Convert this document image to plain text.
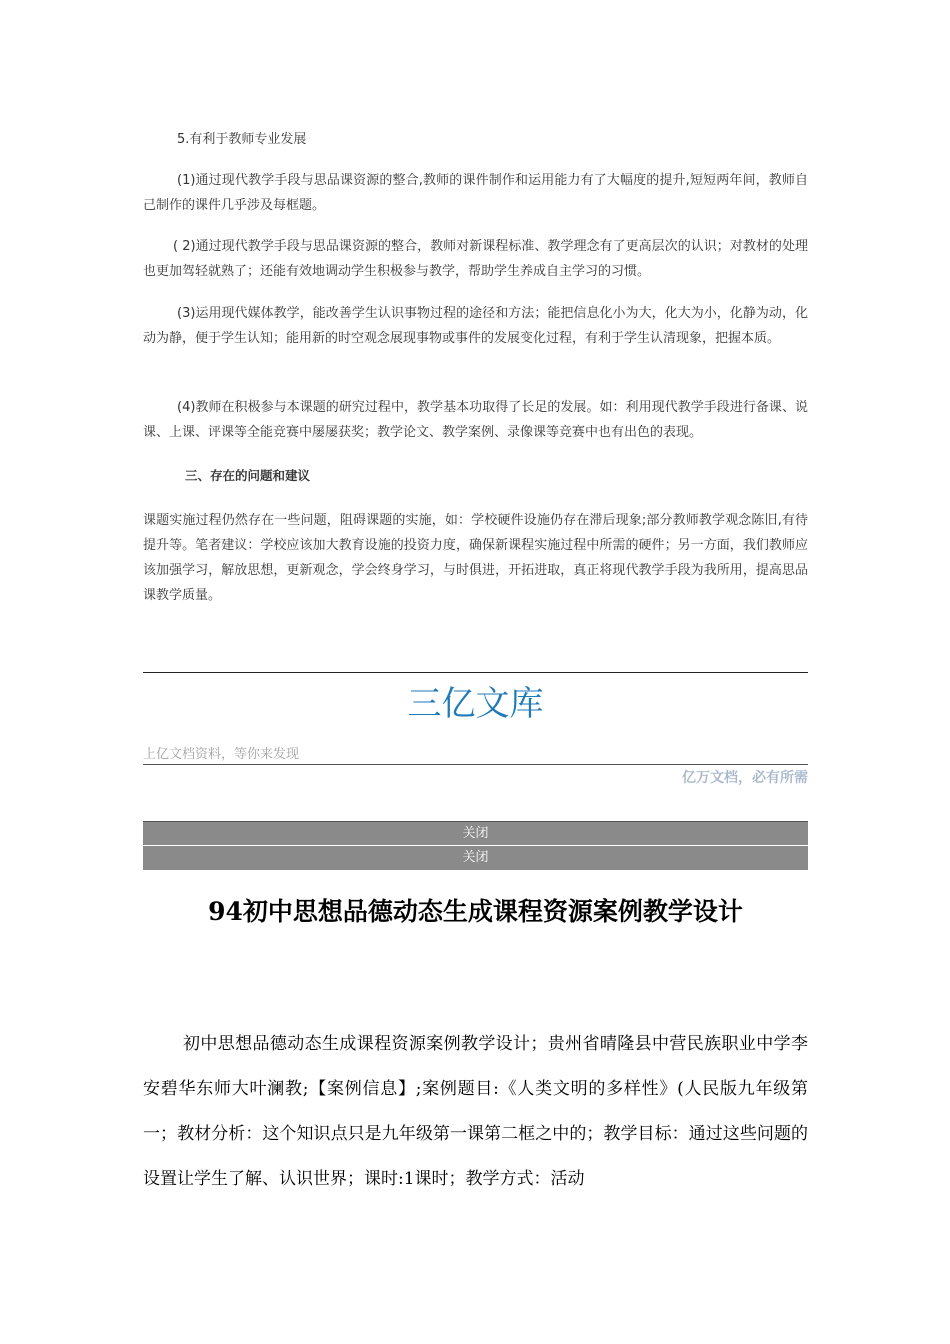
5.有利于教师专业发展

(1)通过现代教学手段与思品课资源的整合,教师的课件制作和运用能力有了大幅度的提升,短短两年间，教师自己制作的课件几乎涉及每框题。

( 2)通过现代教学手段与思品课资源的整合，教师对新课程标准、教学理念有了更高层次的认识；对教材的处理也更加驾轻就熟了；还能有效地调动学生积极参与教学，帮助学生养成自主学习的习惯。

(3)运用现代媒体教学，能改善学生认识事物过程的途径和方法；能把信息化小为大，化大为小，化静为动，化动为静，便于学生认知；能用新的时空观念展现事物或事件的发展变化过程，有利于学生认清现象，把握本质。

(4)教师在积极参与本课题的研究过程中，教学基本功取得了长足的发展。如：利用现代教学手段进行备课、说课、上课、评课等全能竞赛中屡屡获奖；教学论文、教学案例、录像课等竞赛中也有出色的表现。

三、存在的问题和建议

课题实施过程仍然存在一些问题，阻碍课题的实施，如：学校硬件设施仍存在滞后现象;部分教师教学观念陈旧,有待提升等。笔者建议：学校应该加大教育设施的投资力度，确保新课程实施过程中所需的硬件；另一方面，我们教师应该加强学习，解放思想，更新观念，学会终身学习，与时俱进，开拓进取，真正将现代教学手段为我所用，提高思品课教学质量。

三亿文库

上亿文档资料，等你来发现

亿万文档，必有所需

关闭
关闭
94初中思想品德动态生成课程资源案例教学设计

初中思想品德动态生成课程资源案例教学设计；贵州省晴隆县中营民族职业中学李安碧华东师大叶澜教;【案例信息】;案例题目:《人类文明的多样性》(人民版九年级第一；教材分析：这个知识点只是九年级第一课第二框之中的；教学目标：通过这些问题的设置让学生了解、认识世界；课时:1课时；教学方式：活动
